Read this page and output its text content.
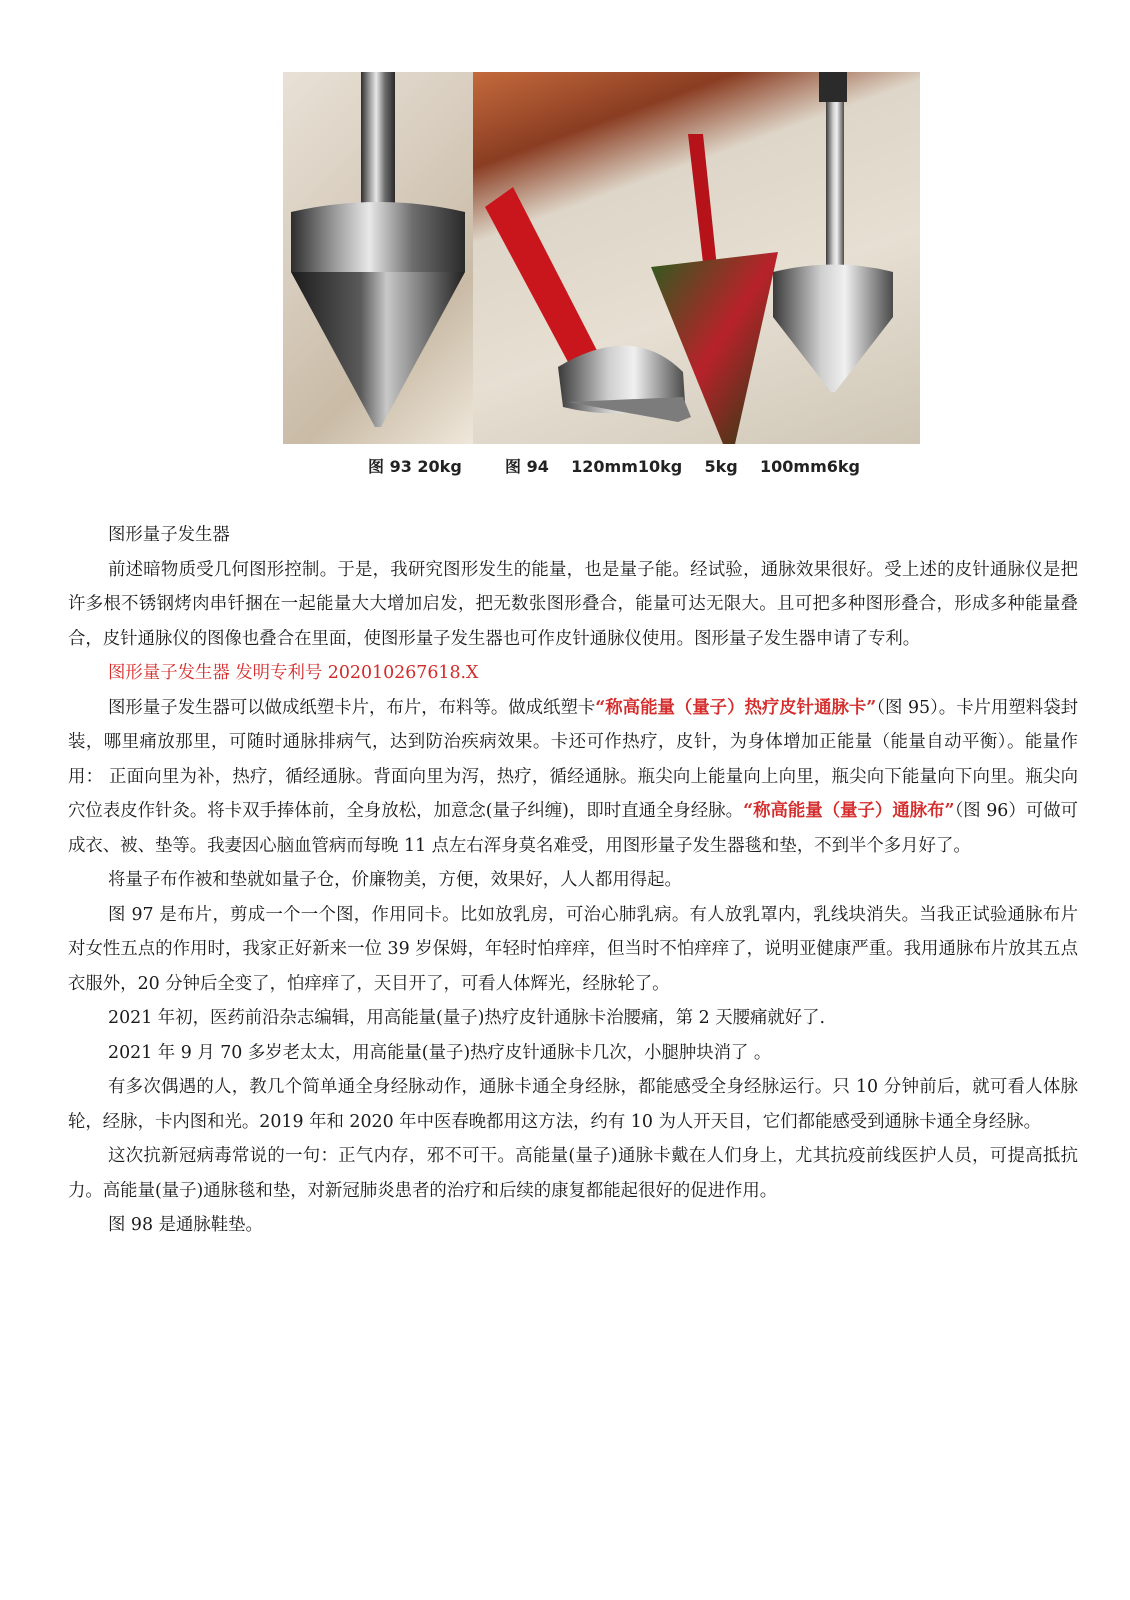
图 93 20kg	图 94    120mm10kg    5kg    100mm6kg

图形量子发生器

前述暗物质受几何图形控制。于是，我研究图形发生的能量，也是量子能。经试验，通脉效果很好。受上述的皮针通脉仪是把许多根不锈钢烤肉串钎捆在一起能量大大增加启发，把无数张图形叠合，能量可达无限大。且可把多种图形叠合，形成多种能量叠合，皮针通脉仪的图像也叠合在里面，使图形量子发生器也可作皮针通脉仪使用。图形量子发生器申请了专利。

图形量子发生器 发明专利号 202010267618.X

图形量子发生器可以做成纸塑卡片，布片，布料等。做成纸塑卡“称高能量（量子）热疗皮针通脉卡”（图 95）。卡片用塑料袋封装，哪里痛放那里，可随时通脉排病气，达到防治疾病效果。卡还可作热疗，皮针，为身体增加正能量（能量自动平衡）。能量作用： 正面向里为补，热疗，循经通脉。背面向里为泻，热疗，循经通脉。瓶尖向上能量向上向里，瓶尖向下能量向下向里。瓶尖向穴位表皮作针灸。将卡双手捧体前，全身放松，加意念(量子纠缠)，即时直通全身经脉。“称高能量（量子）通脉布”（图 96）可做可成衣、被、垫等。我妻因心脑血管病而每晚 11 点左右浑身莫名难受，用图形量子发生器毯和垫，不到半个多月好了。

将量子布作被和垫就如量子仓，价廉物美，方便，效果好，人人都用得起。

图 97 是布片，剪成一个一个图，作用同卡。比如放乳房，可治心肺乳病。有人放乳罩内，乳线块消失。当我正试验通脉布片对女性五点的作用时，我家正好新来一位 39 岁保姆，年轻时怕痒痒，但当时不怕痒痒了，说明亚健康严重。我用通脉布片放其五点衣服外，20 分钟后全变了，怕痒痒了，天目开了，可看人体辉光，经脉轮了。

2021 年初，医药前沿杂志编辑，用高能量(量子)热疗皮针通脉卡治腰痛，第 2 天腰痛就好了.

2021 年 9 月 70 多岁老太太，用高能量(量子)热疗皮针通脉卡几次，小腿肿块消了 。

有多次偶遇的人，教几个简单通全身经脉动作，通脉卡通全身经脉，都能感受全身经脉运行。只 10 分钟前后，就可看人体脉轮，经脉，卡内图和光。2019 年和 2020 年中医春晚都用这方法，约有 10 为人开天目，它们都能感受到通脉卡通全身经脉。

这次抗新冠病毒常说的一句：正气内存，邪不可干。高能量(量子)通脉卡戴在人们身上，尤其抗疫前线医护人员，可提高抵抗力。高能量(量子)通脉毯和垫，对新冠肺炎患者的治疗和后续的康复都能起很好的促进作用。

图 98 是通脉鞋垫。
